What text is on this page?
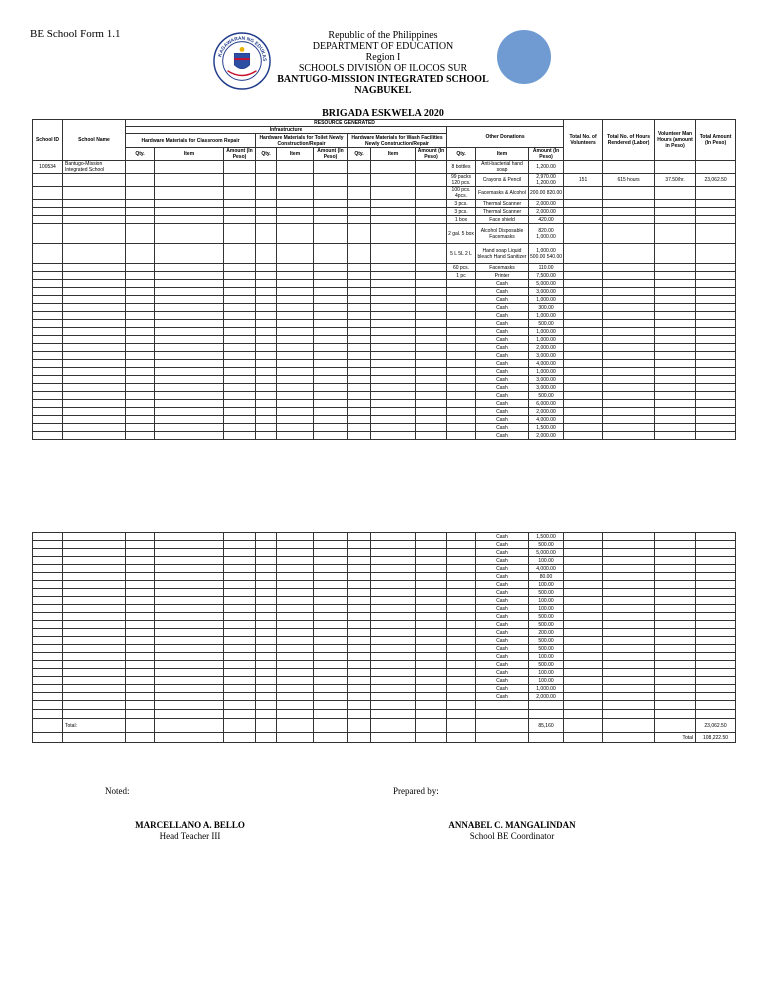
BE School Form 1.1
KAGAWARAN NG EDUKAS
Republic of the Philippines
DEPARTMENT OF EDUCATION
Region I
SCHOOLS DIVISION OF ILOCOS SUR
BANTUGO-MISSION INTEGRATED SCHOOL
NAGBUKEL
BRIGADA ESKWELA 2020
School ID	School Name	RESOURCE GENERATED												Total No. of Volunteers	Total No. of Hours Rendered (Labor)	Volunteer Man Hours (amount in Peso)	Total Amount (In Peso)
		Infrastructure									Other Donations						
		Hardware Materials for Classroom Repair			Hardware Materials for Toilet Newly Construction/Repair			Hardware Materials for Wash Facilities Newly Construction/Repair									
		Qty.	Item	Amount (In Peso)	Qty.	Item	Amount (In Peso)	Qty.	Item	Amount (In Peso)	Qty.	Item	Amount (In Peso)				
100534	Bantugo-Mission Integrated School										8 bottles	Anti-bacterial hand soap	1,200.00				
											99 packs 120 pcs.	Crayons & Pencil	2,970.00 1,200.00	151	615 hours	37.50/hr.	23,062.50
											100 pcs. 4pcs.	Facemasks & Alcohol	200.00 820.00				
											3 pcs.	Thermal Scanner	2,000.00				
											3 pcs.	Thermal Scanner	2,000.00				
											1 box	Face shield	420.00				
											2 gal. 5 box	Alcohol Disposable Facemasks	820.00 1,000.00				
											5 L 5L 2 L	Hand soap Liquid bleach Hand Sanitizer	1,000.00 500.00 540.00				
											60 pcs.	Facemasks	110.00				
											1 pc	Printer	7,500.00				
												Cash	5,000.00				
												Cash	3,000.00				
												Cash	1,000.00				
												Cash	300.00				
												Cash	1,000.00				
												Cash	500.00				
												Cash	1,000.00				
												Cash	1,000.00				
												Cash	2,000.00				
												Cash	3,000.00				
												Cash	4,000.00				
												Cash	1,000.00				
												Cash	3,000.00				
												Cash	3,000.00				
												Cash	500.00				
												Cash	6,000.00				
												Cash	2,000.00				
												Cash	4,000.00				
												Cash	1,500.00				
												Cash	2,000.00				
												Cash	1,500.00				
												Cash	500.00				
												Cash	5,000.00				
												Cash	100.00				
												Cash	4,000.00				
												Cash	80.00				
												Cash	100.00				
												Cash	500.00				
												Cash	100.00				
												Cash	100.00				
												Cash	500.00				
												Cash	500.00				
												Cash	200.00				
												Cash	500.00				
												Cash	500.00				
												Cash	100.00				
												Cash	500.00				
												Cash	100.00				
												Cash	100.00				
												Cash	1,000.00				
												Cash	2,000.00				

	Total:												85,160				23,062.50
																Total	108,222.50
Noted:	Prepared by:
MARCELLANO A. BELLO
Head Teacher III
ANNABEL C. MANGALINDAN
School BE Coordinator
